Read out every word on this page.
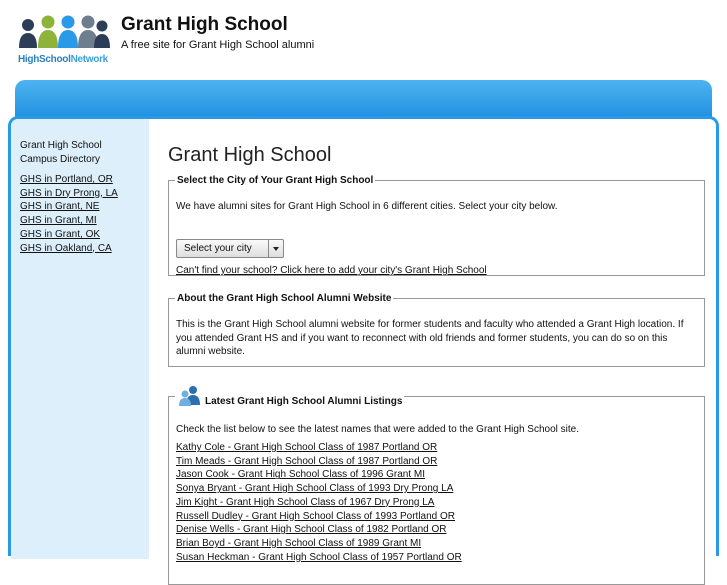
HighSchoolNetwork
Grant High School
A free site for Grant High School alumni
Grant High School Campus Directory
GHS in Portland, OR
GHS in Dry Prong, LA
GHS in Grant, NE
GHS in Grant, MI
GHS in Grant, OK
GHS in Oakland, CA
Grant High School
Select the City of Your Grant High School
We have alumni sites for Grant High School in 6 different cities. Select your city below.
Select your city
Can't find your school? Click here to add your city's Grant High School
About the Grant High School Alumni Website
This is the Grant High School alumni website for former students and faculty who attended a Grant High location. If you attended Grant HS and if you want to reconnect with old friends and former students, you can do so on this alumni website.
Latest Grant High School Alumni Listings
Check the list below to see the latest names that were added to the Grant High School site.
Kathy Cole - Grant High School Class of 1987 Portland OR
Tim Meads - Grant High School Class of 1987 Portland OR
Jason Cook - Grant High School Class of 1996 Grant MI
Sonya Bryant - Grant High School Class of 1993 Dry Prong LA
Jim Kight - Grant High School Class of 1967 Dry Prong LA
Russell Dudley - Grant High School Class of 1993 Portland OR
Denise Wells - Grant High School Class of 1982 Portland OR
Brian Boyd - Grant High School Class of 1989 Grant MI
Susan Heckman - Grant High School Class of 1957 Portland OR
